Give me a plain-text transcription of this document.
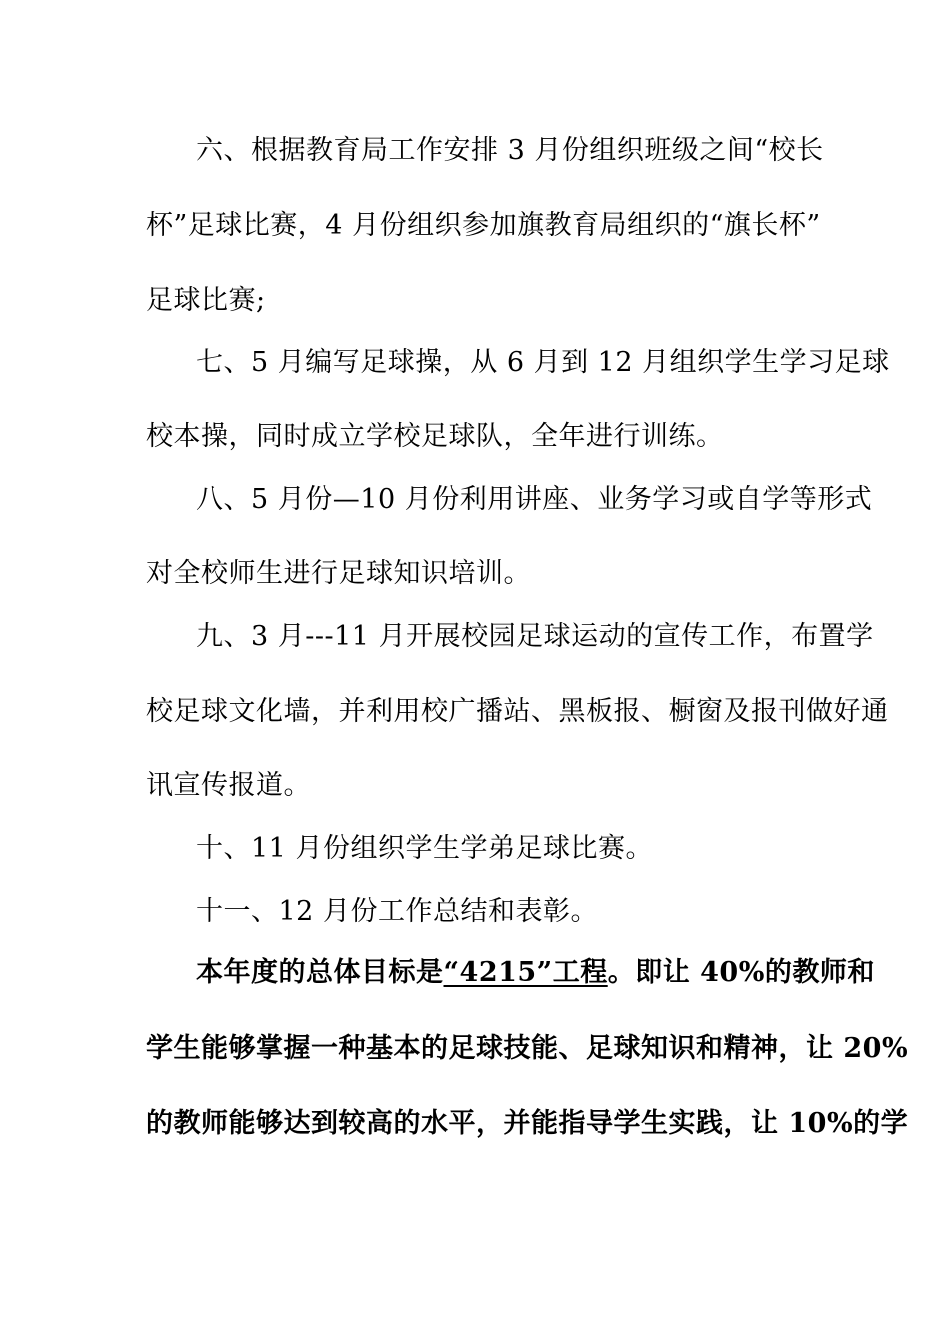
六、根据教育局工作安排 3 月份组织班级之间“校长
杯”足球比赛，4 月份组织参加旗教育局组织的“旗长杯”
足球比赛;
七、5 月编写足球操，从 6 月到 12 月组织学生学习足球
校本操，同时成立学校足球队，全年进行训练。
八、5 月份—10 月份利用讲座、业务学习或自学等形式
对全校师生进行足球知识培训。
九、3 月---11 月开展校园足球运动的宣传工作，布置学
校足球文化墙，并利用校广播站、黑板报、橱窗及报刊做好通
讯宣传报道。
十、11 月份组织学生学弟足球比赛。
十一、12 月份工作总结和表彰。
本年度的总体目标是“4215”工程。即让 40%的教师和
学生能够掌握一种基本的足球技能、足球知识和精神，让 20%
的教师能够达到较高的水平，并能指导学生实践，让 10%的学
